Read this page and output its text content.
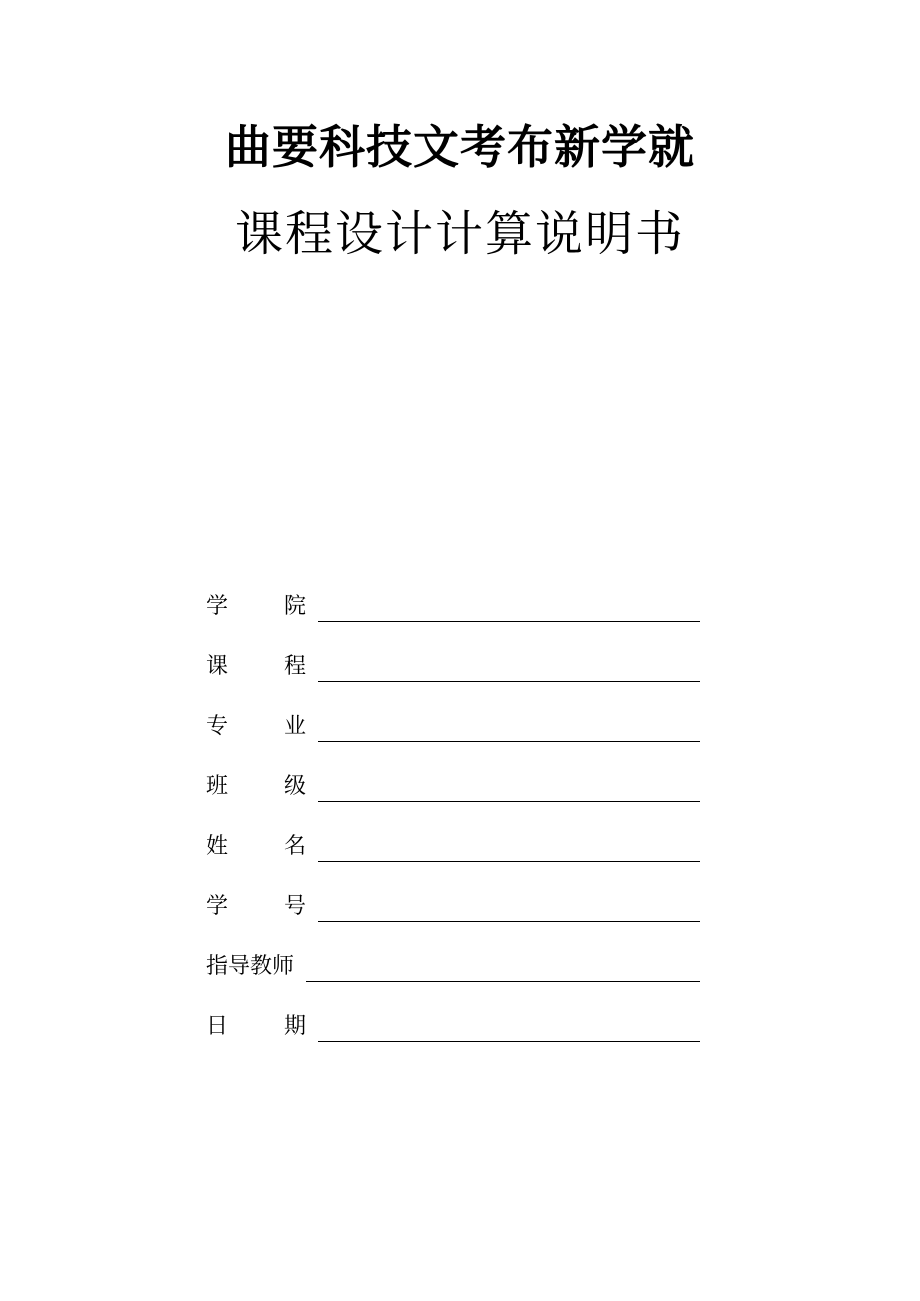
曲要科技文考布新学就
课程设计计算说明书
学	院
课	程
专	业
班	级
姓	名
学	号
指导教师
日	期
